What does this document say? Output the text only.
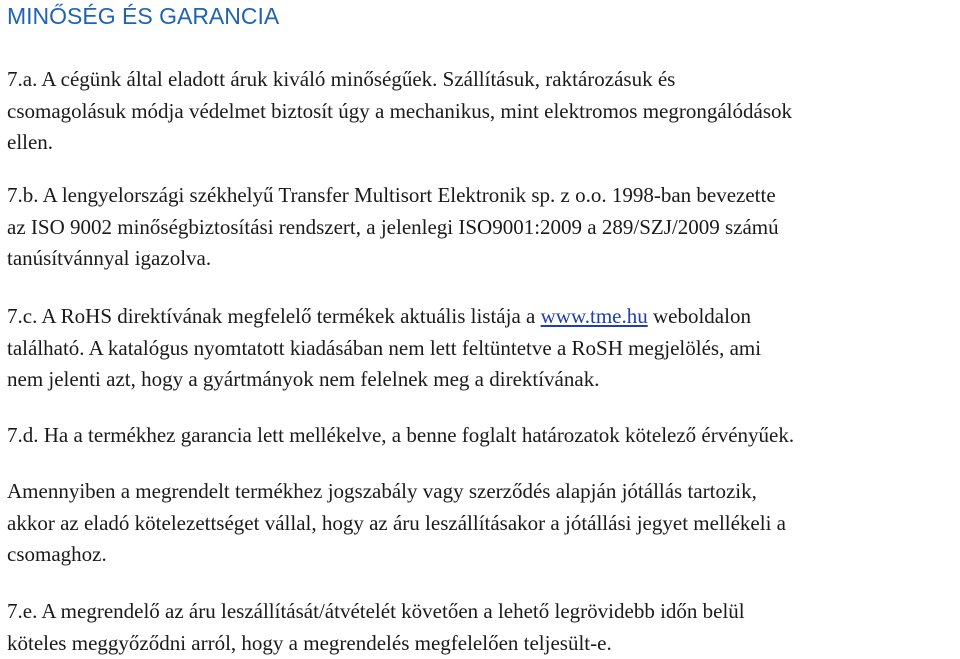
MINŐSÉG ÉS GARANCIA

7.a. A cégünk által eladott áruk kiváló minőségűek. Szállításuk, raktározásuk és
csomagolásuk módja védelmet biztosít úgy a mechanikus, mint elektromos megrongálódások
ellen.

7.b. A lengyelországi székhelyű Transfer Multisort Elektronik sp. z o.o. 1998-ban bevezette
az ISO 9002 minőségbiztosítási rendszert, a jelenlegi ISO9001:2009 a 289/SZJ/2009 számú
tanúsítvánnyal igazolva.

7.c. A RoHS direktívának megfelelő termékek aktuális listája a www.tme.hu weboldalon
található. A katalógus nyomtatott kiadásában nem lett feltüntetve a RoSH megjelölés, ami
nem jelenti azt, hogy a gyártmányok nem felelnek meg a direktívának.

7.d. Ha a termékhez garancia lett mellékelve, a benne foglalt határozatok kötelező érvényűek.

Amennyiben a megrendelt termékhez jogszabály vagy szerződés alapján jótállás tartozik,
akkor az eladó kötelezettséget vállal, hogy az áru leszállításakor a jótállási jegyet mellékeli a
csomaghoz.

7.e. A megrendelő az áru leszállítását/átvételét követően a lehető legrövidebb időn belül
köteles meggyőződni arról, hogy a megrendelés megfelelően teljesült-e.
